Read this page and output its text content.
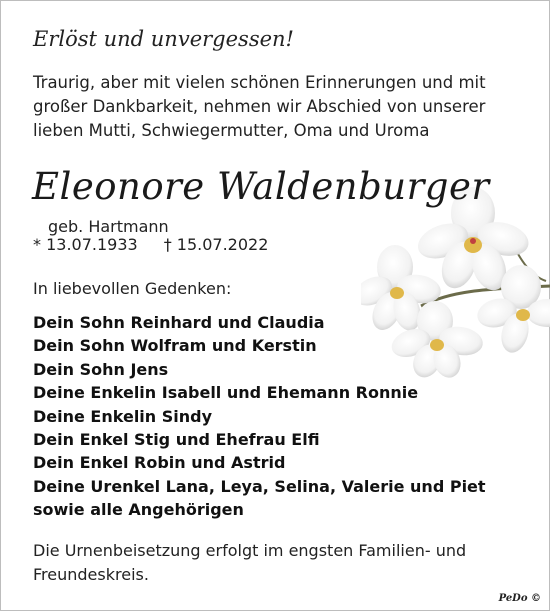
Erlöst und unvergessen!
Traurig, aber mit vielen schönen Erinnerungen und mit
großer Dankbarkeit, nehmen wir Abschied von unserer
lieben Mutti, Schwiegermutter, Oma und Uroma
Eleonore Waldenburger
geb. Hartmann
* 13.07.1933 † 15.07.2022
In liebevollen Gedenken:
Dein Sohn Reinhard und Claudia
Dein Sohn Wolfram und Kerstin
Dein Sohn Jens
Deine Enkelin Isabell und Ehemann Ronnie
Deine Enkelin Sindy
Dein Enkel Stig und Ehefrau Elfi
Dein Enkel Robin und Astrid
Deine Urenkel Lana, Leya, Selina, Valerie und Piet
sowie alle Angehörigen
Die Urnenbeisetzung erfolgt im engsten Familien- und
Freundeskreis.
PeDo ©
